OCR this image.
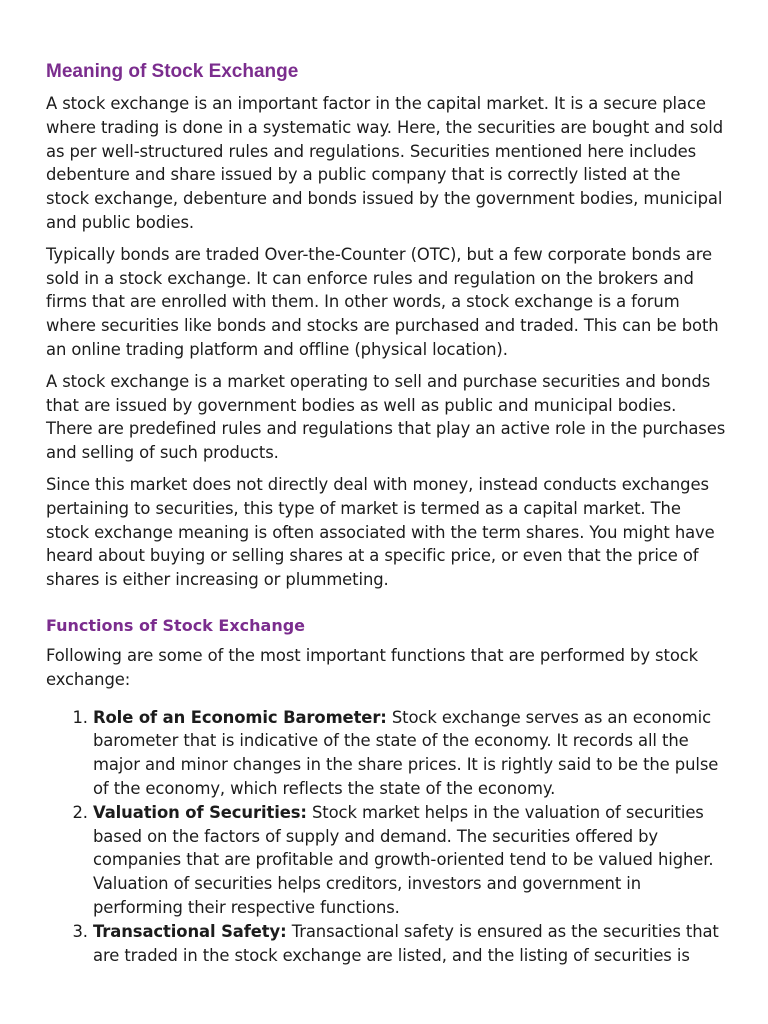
Meaning of Stock Exchange

A stock exchange is an important factor in the capital market. It is a secure place where trading is done in a systematic way. Here, the securities are bought and sold as per well-structured rules and regulations. Securities mentioned here includes debenture and share issued by a public company that is correctly listed at the stock exchange, debenture and bonds issued by the government bodies, municipal and public bodies.

Typically bonds are traded Over-the-Counter (OTC), but a few corporate bonds are sold in a stock exchange. It can enforce rules and regulation on the brokers and firms that are enrolled with them. In other words, a stock exchange is a forum where securities like bonds and stocks are purchased and traded. This can be both an online trading platform and offline (physical location).

A stock exchange is a market operating to sell and purchase securities and bonds that are issued by government bodies as well as public and municipal bodies. There are predefined rules and regulations that play an active role in the purchases and selling of such products.

Since this market does not directly deal with money, instead conducts exchanges pertaining to securities, this type of market is termed as a capital market. The stock exchange meaning is often associated with the term shares. You might have heard about buying or selling shares at a specific price, or even that the price of shares is either increasing or plummeting.

Functions of Stock Exchange

Following are some of the most important functions that are performed by stock exchange:

1. Role of an Economic Barometer: Stock exchange serves as an economic barometer that is indicative of the state of the economy. It records all the major and minor changes in the share prices. It is rightly said to be the pulse of the economy, which reflects the state of the economy.
2. Valuation of Securities: Stock market helps in the valuation of securities based on the factors of supply and demand. The securities offered by companies that are profitable and growth-oriented tend to be valued higher. Valuation of securities helps creditors, investors and government in performing their respective functions.
3. Transactional Safety: Transactional safety is ensured as the securities that are traded in the stock exchange are listed, and the listing of securities is
